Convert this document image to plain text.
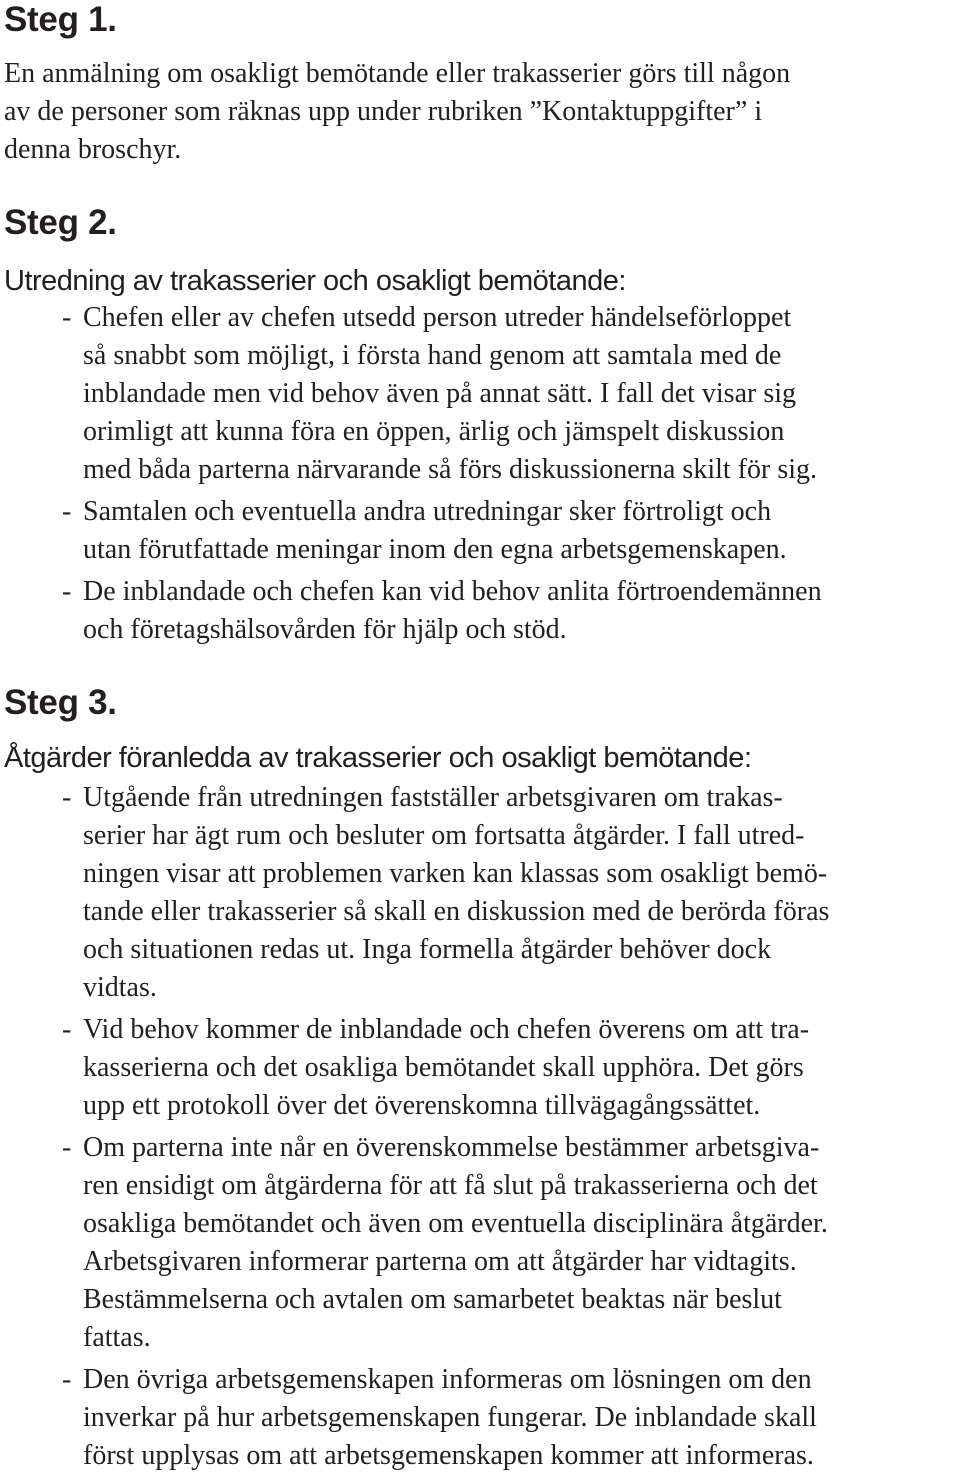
Steg 1.

En anmälning om osakligt bemötande eller trakasserier görs till någon
av de personer som räknas upp under rubriken ”Kontaktuppgifter” i
denna broschyr.

Steg 2.

Utredning av trakasserier och osakligt bemötande:

- Chefen eller av chefen utsedd person utreder händelseförloppet
så snabbt som möjligt, i första hand genom att samtala med de
inblandade men vid behov även på annat sätt. I fall det visar sig
orimligt att kunna föra en öppen, ärlig och jämspelt diskussion
med båda parterna närvarande så förs diskussionerna skilt för sig.
- Samtalen och eventuella andra utredningar sker förtroligt och
utan förutfattade meningar inom den egna arbetsgemenskapen.
- De inblandade och chefen kan vid behov anlita förtroendemännen
och företagshälsovården för hjälp och stöd.
Steg 3.

Åtgärder föranledda av trakasserier och osakligt bemötande:

- Utgående från utredningen fastställer arbetsgivaren om trakas-
serier har ägt rum och besluter om fortsatta åtgärder. I fall utred-
ningen visar att problemen varken kan klassas som osakligt bemö-
tande eller trakasserier så skall en diskussion med de berörda föras
och situationen redas ut. Inga formella åtgärder behöver dock
vidtas.
- Vid behov kommer de inblandade och chefen överens om att tra-
kasserierna och det osakliga bemötandet skall upphöra. Det görs
upp ett protokoll över det överenskomna tillvägagångssättet.
- Om parterna inte når en överenskommelse bestämmer arbetsgiva-
ren ensidigt om åtgärderna för att få slut på trakasserierna och det
osakliga bemötandet och även om eventuella disciplinära åtgärder.
Arbetsgivaren informerar parterna om att åtgärder har vidtagits.
Bestämmelserna och avtalen om samarbetet beaktas när beslut
fattas.
- Den övriga arbetsgemenskapen informeras om lösningen om den
inverkar på hur arbetsgemenskapen fungerar. De inblandade skall
först upplysas om att arbetsgemenskapen kommer att informeras.
